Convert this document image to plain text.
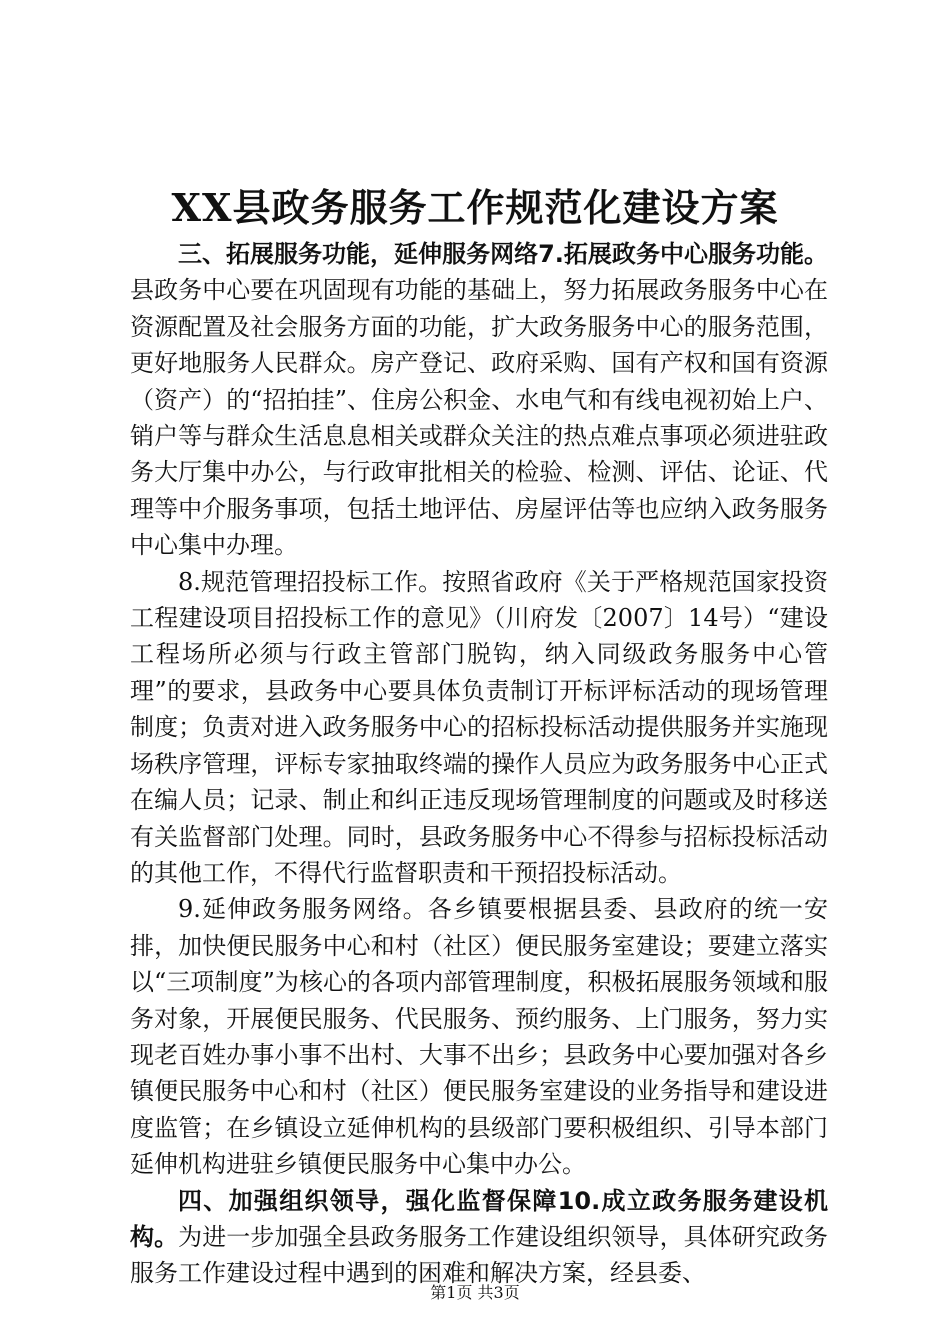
XX县政务服务工作规范化建设方案

三、拓展服务功能，延伸服务网络7.拓展政务中心服务功能。县政务中心要在巩固现有功能的基础上，努力拓展政务服务中心在资源配置及社会服务方面的功能，扩大政务服务中心的服务范围，更好地服务人民群众。房产登记、政府采购、国有产权和国有资源（资产）的“招拍挂”、住房公积金、水电气和有线电视初始上户、销户等与群众生活息息相关或群众关注的热点难点事项必须进驻政务大厅集中办公，与行政审批相关的检验、检测、评估、论证、代理等中介服务事项，包括土地评估、房屋评估等也应纳入政务服务中心集中办理。

8.规范管理招投标工作。按照省政府《关于严格规范国家投资工程建设项目招投标工作的意见》（川府发〔2007〕14号）“建设工程场所必须与行政主管部门脱钩，纳入同级政务服务中心管理”的要求，县政务中心要具体负责制订开标评标活动的现场管理制度；负责对进入政务服务中心的招标投标活动提供服务并实施现场秩序管理，评标专家抽取终端的操作人员应为政务服务中心正式在编人员；记录、制止和纠正违反现场管理制度的问题或及时移送有关监督部门处理。同时，县政务服务中心不得参与招标投标活动的其他工作，不得代行监督职责和干预招投标活动。

9.延伸政务服务网络。各乡镇要根据县委、县政府的统一安排，加快便民服务中心和村（社区）便民服务室建设；要建立落实以“三项制度”为核心的各项内部管理制度，积极拓展服务领域和服务对象，开展便民服务、代民服务、预约服务、上门服务，努力实现老百姓办事小事不出村、大事不出乡；县政务中心要加强对各乡镇便民服务中心和村（社区）便民服务室建设的业务指导和建设进度监管；在乡镇设立延伸机构的县级部门要积极组织、引导本部门延伸机构进驻乡镇便民服务中心集中办公。

四、加强组织领导，强化监督保障10.成立政务服务建设机构。为进一步加强全县政务服务工作建设组织领导，具体研究政务服务工作建设过程中遇到的困难和解决方案，经县委、

第1页 共3页
